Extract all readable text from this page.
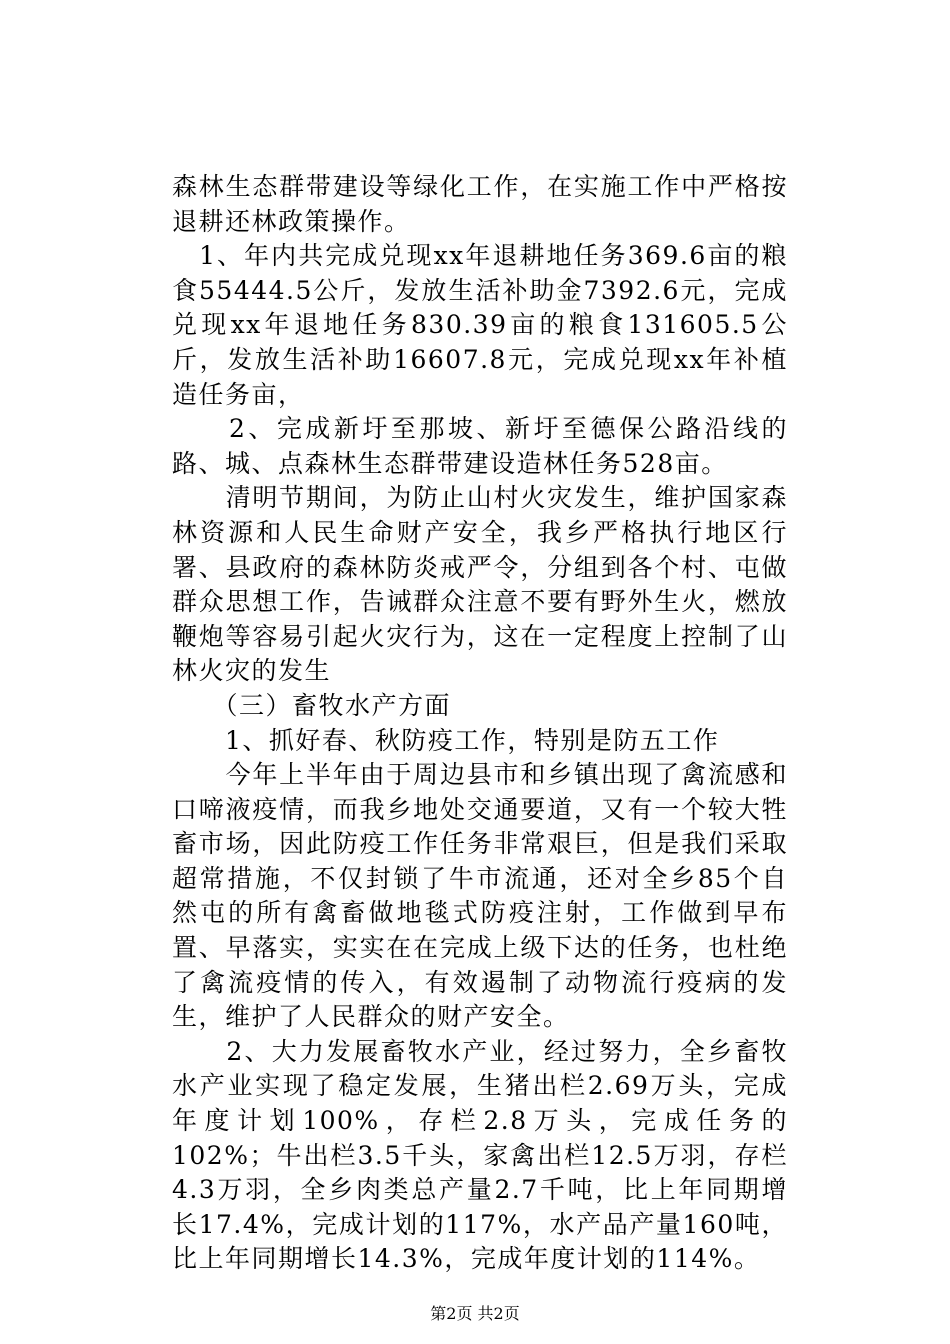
森林生态群带建设等绿化工作，在实施工作中严格按退耕还林政策操作。

　1、年内共完成兑现xx年退耕地任务369.6亩的粮食55444.5公斤，发放生活补助金7392.6元，完成兑现xx年退地任务830.39亩的粮食131605.5公斤，发放生活补助16607.8元，完成兑现xx年补植造任务亩，

　　2、完成新圩至那坡、新圩至德保公路沿线的路、城、点森林生态群带建设造林任务528亩。

　　清明节期间，为防止山村火灾发生，维护国家森林资源和人民生命财产安全，我乡严格执行地区行署、县政府的森林防炎戒严令，分组到各个村、屯做群众思想工作，告诫群众注意不要有野外生火，燃放鞭炮等容易引起火灾行为，这在一定程度上控制了山林火灾的发生

　　（三）畜牧水产方面

　　1、抓好春、秋防疫工作，特别是防五工作

　　今年上半年由于周边县市和乡镇出现了禽流感和口啼液疫情，而我乡地处交通要道，又有一个较大牲畜市场，因此防疫工作任务非常艰巨，但是我们采取超常措施，不仅封锁了牛市流通，还对全乡85个自然屯的所有禽畜做地毯式防疫注射，工作做到早布置、早落实，实实在在完成上级下达的任务，也杜绝了禽流疫情的传入，有效遏制了动物流行疫病的发生，维护了人民群众的财产安全。

　　2、大力发展畜牧水产业，经过努力，全乡畜牧水产业实现了稳定发展，生猪出栏2.69万头，完成年度计划100%，存栏2.8万头，完成任务的102%；牛出栏3.5千头，家禽出栏12.5万羽，存栏4.3万羽，全乡肉类总产量2.7千吨，比上年同期增长17.4%，完成计划的117%，水产品产量160吨，比上年同期增长14.3%，完成年度计划的114%。

第2页 共2页
